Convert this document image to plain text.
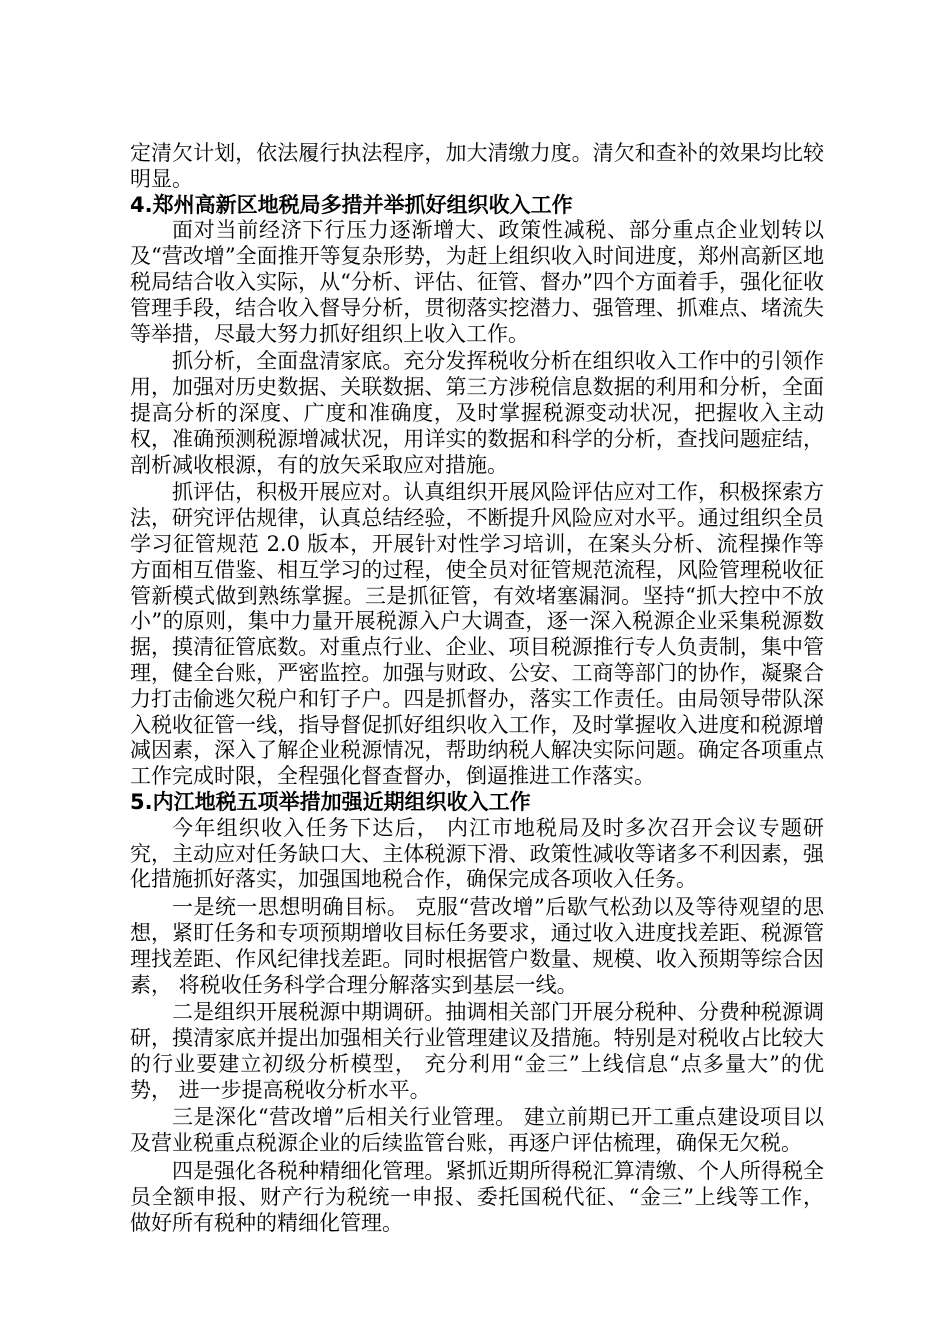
定清欠计划，依法履行执法程序，加大清缴力度。清欠和查补的效果均比较明显。

4.郑州高新区地税局多措并举抓好组织收入工作

面对当前经济下行压力逐渐增大、政策性减税、部分重点企业划转以及“营改增”全面推开等复杂形势，为赶上组织收入时间进度，郑州高新区地税局结合收入实际，从“分析、评估、征管、督办”四个方面着手，强化征收管理手段，结合收入督导分析，贯彻落实挖潜力、强管理、抓难点、堵流失等举措，尽最大努力抓好组织上收入工作。

抓分析，全面盘清家底。充分发挥税收分析在组织收入工作中的引领作用，加强对历史数据、关联数据、第三方涉税信息数据的利用和分析，全面提高分析的深度、广度和准确度，及时掌握税源变动状况，把握收入主动权，准确预测税源增减状况，用详实的数据和科学的分析，查找问题症结，剖析减收根源，有的放矢采取应对措施。

抓评估，积极开展应对。认真组织开展风险评估应对工作，积极探索方法，研究评估规律，认真总结经验，不断提升风险应对水平。通过组织全员学习征管规范 2.0 版本，开展针对性学习培训，在案头分析、流程操作等方面相互借鉴、相互学习的过程，使全员对征管规范流程，风险管理税收征管新模式做到熟练掌握。三是抓征管，有效堵塞漏洞。坚持“抓大控中不放小”的原则，集中力量开展税源入户大调查，逐一深入税源企业采集税源数据，摸清征管底数。对重点行业、企业、项目税源推行专人负责制，集中管理，健全台账，严密监控。加强与财政、公安、工商等部门的协作，凝聚合力打击偷逃欠税户和钉子户。四是抓督办，落实工作责任。由局领导带队深入税收征管一线，指导督促抓好组织收入工作，及时掌握收入进度和税源增减因素，深入了解企业税源情况，帮助纳税人解决实际问题。确定各项重点工作完成时限，全程强化督查督办，倒逼推进工作落实。

5.内江地税五项举措加强近期组织收入工作

今年组织收入任务下达后， 内江市地税局及时多次召开会议专题研究，主动应对任务缺口大、主体税源下滑、政策性减收等诸多不利因素，强化措施抓好落实，加强国地税合作，确保完成各项收入任务。

一是统一思想明确目标。 克服“营改增”后歇气松劲以及等待观望的思想，紧盯任务和专项预期增收目标任务要求，通过收入进度找差距、税源管理找差距、作风纪律找差距。同时根据管户数量、规模、收入预期等综合因素， 将税收任务科学合理分解落实到基层一线。

二是组织开展税源中期调研。抽调相关部门开展分税种、分费种税源调研，摸清家底并提出加强相关行业管理建议及措施。特别是对税收占比较大的行业要建立初级分析模型， 充分利用“金三”上线信息“点多量大”的优势， 进一步提高税收分析水平。

三是深化“营改增”后相关行业管理。 建立前期已开工重点建设项目以及营业税重点税源企业的后续监管台账，再逐户评估梳理，确保无欠税。

四是强化各税种精细化管理。紧抓近期所得税汇算清缴、个人所得税全员全额申报、财产行为税统一申报、委托国税代征、“金三”上线等工作， 做好所有税种的精细化管理。
